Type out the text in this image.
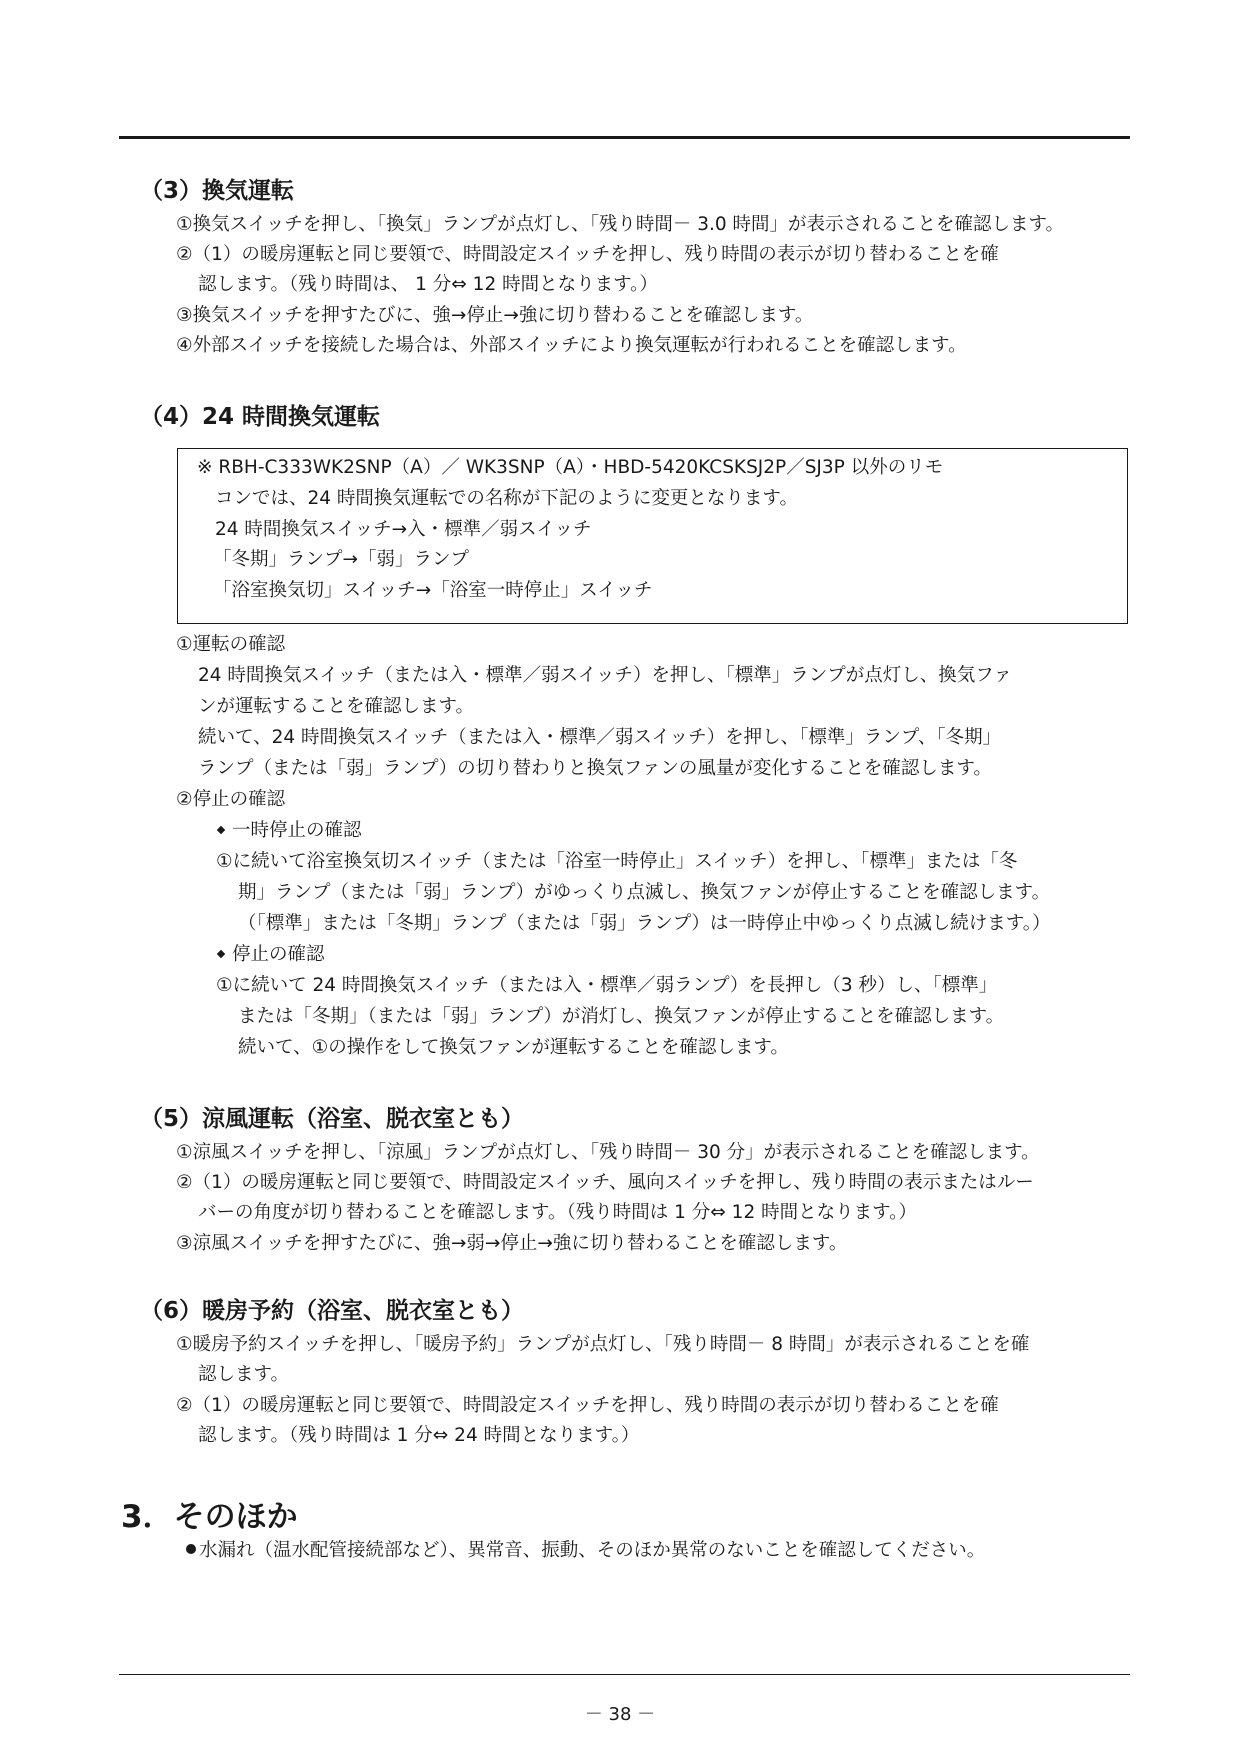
（3）換気運転
①換気スイッチを押し、「換気」ランプが点灯し、「残り時間－ 3.0 時間」が表示されることを確認します。
②（1）の暖房運転と同じ要領で、時間設定スイッチを押し、残り時間の表示が切り替わることを確
認します。（残り時間は、 1 分⇔ 12 時間となります。）
③換気スイッチを押すたびに、強→停止→強に切り替わることを確認します。
④外部スイッチを接続した場合は、外部スイッチにより換気運転が行われることを確認します。
（4）24 時間換気運転
※ RBH-C333WK2SNP（A）／ WK3SNP（A）・HBD-5420KCSKSJ2P／SJ3P 以外のリモ
コンでは、24 時間換気運転での名称が下記のように変更となります。
24 時間換気スイッチ→入・標準／弱スイッチ
「冬期」ランプ→「弱」ランプ
「浴室換気切」スイッチ→「浴室一時停止」スイッチ
①運転の確認
24 時間換気スイッチ（または入・標準／弱スイッチ）を押し、「標準」ランプが点灯し、換気ファ
ンが運転することを確認します。
続いて、24 時間換気スイッチ（または入・標準／弱スイッチ）を押し、「標準」ランプ、「冬期」
ランプ（または「弱」ランプ）の切り替わりと換気ファンの風量が変化することを確認します。
②停止の確認
一時停止の確認
①に続いて浴室換気切スイッチ（または「浴室一時停止」スイッチ）を押し、「標準」または「冬
期」ランプ（または「弱」ランプ）がゆっくり点滅し、換気ファンが停止することを確認します。
（「標準」または「冬期」ランプ（または「弱」ランプ）は一時停止中ゆっくり点滅し続けます。）
停止の確認
①に続いて 24 時間換気スイッチ（または入・標準／弱ランプ）を長押し（3 秒）し、「標準」
または「冬期」（または「弱」ランプ）が消灯し、換気ファンが停止することを確認します。
続いて、①の操作をして換気ファンが運転することを確認します。
（5）涼風運転（浴室、脱衣室とも）
①涼風スイッチを押し、「涼風」ランプが点灯し、「残り時間－ 30 分」が表示されることを確認します。
②（1）の暖房運転と同じ要領で、時間設定スイッチ、風向スイッチを押し、残り時間の表示またはルー
バーの角度が切り替わることを確認します。（残り時間は 1 分⇔ 12 時間となります。）
③涼風スイッチを押すたびに、強→弱→停止→強に切り替わることを確認します。
（6）暖房予約（浴室、脱衣室とも）
①暖房予約スイッチを押し、「暖房予約」ランプが点灯し、「残り時間－ 8 時間」が表示されることを確
認します。
②（1）の暖房運転と同じ要領で、時間設定スイッチを押し、残り時間の表示が切り替わることを確
認します。（残り時間は 1 分⇔ 24 時間となります。）
3．そのほか
水漏れ（温水配管接続部など）、異常音、振動、そのほか異常のないことを確認してください。
－ 38 －
